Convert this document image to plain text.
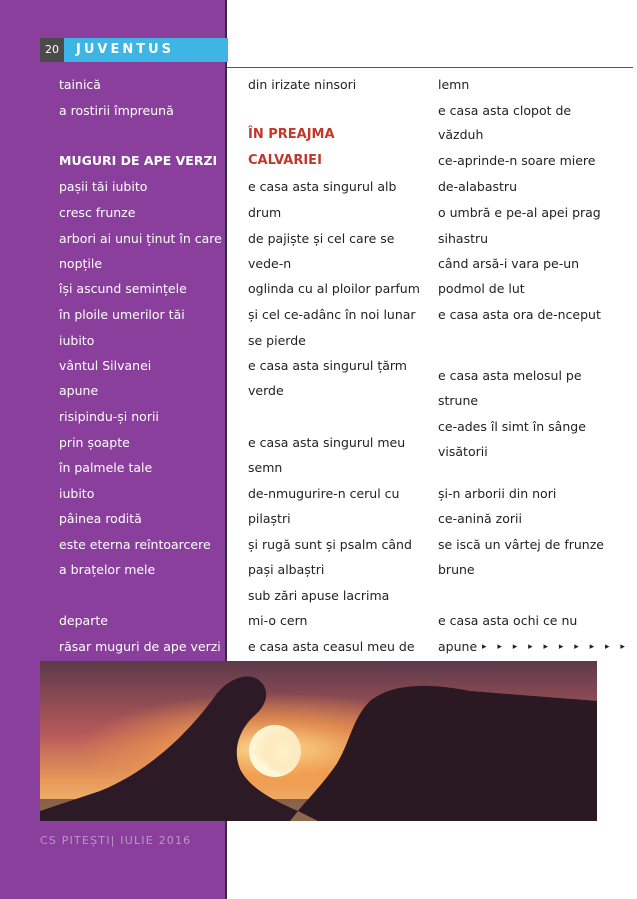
20	JUVENTUS
tainică
a rostirii împreună
MUGURI DE APE VERZI
pașii tăi iubito
cresc frunze
arbori ai unui ținut în care
nopțile
își ascund semințele
în ploile umerilor tăi
iubito
vântul Silvanei
apune
risipindu-și norii
prin șoapte
în palmele tale
iubito
pâinea rodită
este eterna reîntoarcere
a brațelor mele
departe
răsar muguri de ape verzi
din irizate ninsori
ÎN PREAJMA
CALVARIEI
e casa asta singurul alb
drum
de pajiște și cel care se
vede-n
oglinda cu al ploilor parfum
și cel ce-adânc în noi lunar
se pierde
e casa asta singurul țărm
verde
e casa asta singurul meu
semn
de-nmugurire-n cerul cu
pilaștri
și rugă sunt și psalm când
pași albaștri
sub zări apuse lacrima
mi-o cern
e casa asta ceasul meu de
lemn
e casa asta clopot de
văzduh
ce-aprinde-n soare miere
de-alabastru
o umbră e pe-al apei prag
sihastru
când arsă-i vara pe-un
podmol de lut
e casa asta ora de-nceput
e casa asta melosul pe
strune
ce-ades îl simt în sânge
visătorii
și-n arborii din nori
ce-anină zorii
se iscă un vârtej de frunze
brune
e casa asta ochi ce nu
apune ▸ ▸ ▸ ▸ ▸ ▸ ▸ ▸ ▸ ▸
CS PITEȘTI| IULIE 2016
